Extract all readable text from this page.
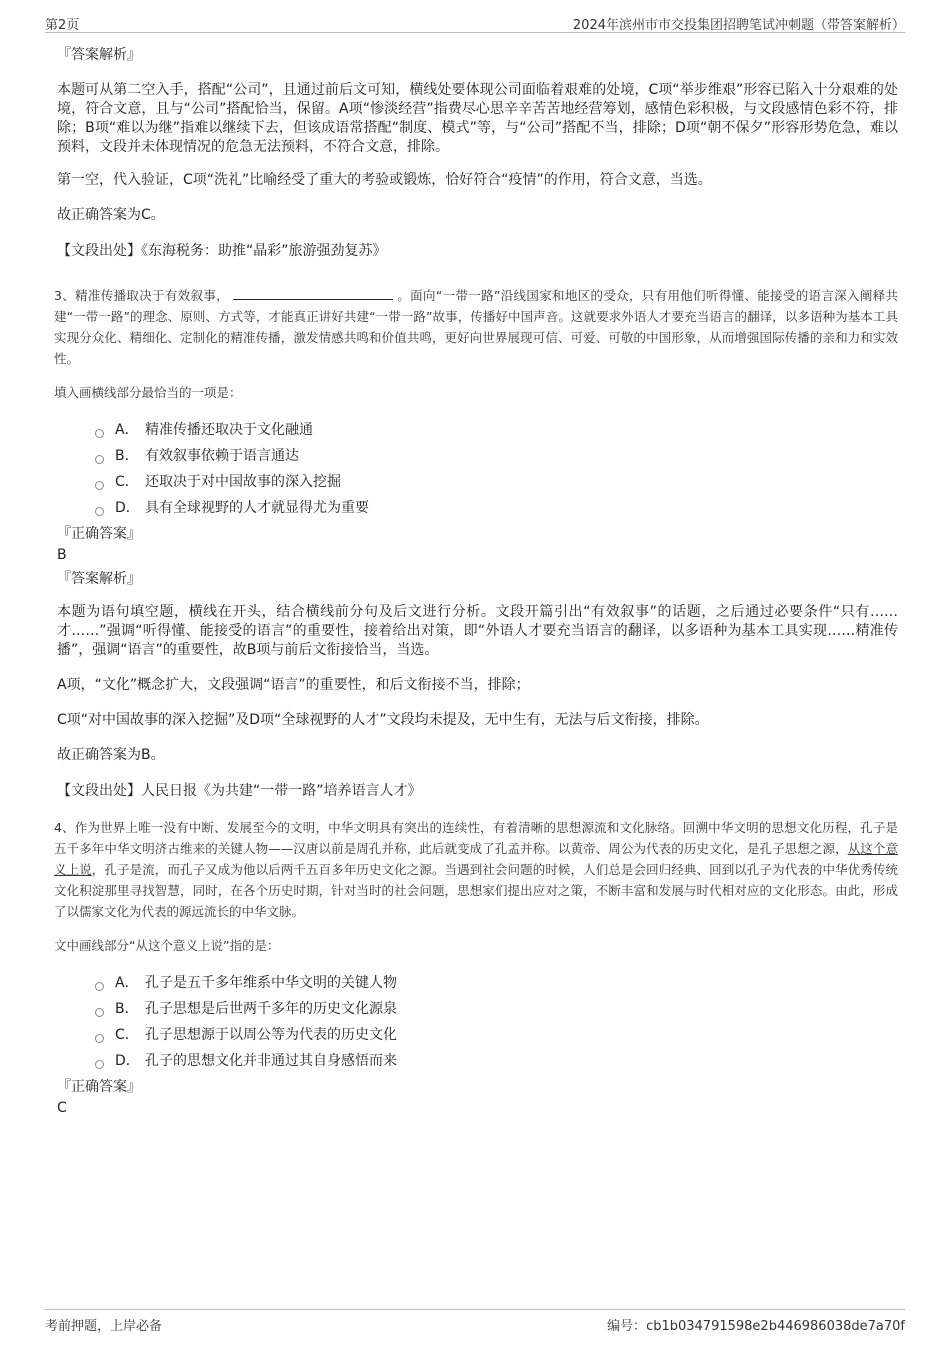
第2页	2024年滨州市市交投集团招聘笔试冲刺题（带答案解析）
『答案解析』
本题可从第二空入手，搭配“公司”，且通过前后文可知，横线处要体现公司面临着艰难的处境，C项“举步维艰”形容已陷入十分艰难的处境，符合文意，且与“公司”搭配恰当，保留。A项“惨淡经营”指费尽心思辛辛苦苦地经营筹划，感情色彩积极，与文段感情色彩不符，排除；B项“难以为继”指难以继续下去，但该成语常搭配“制度、模式”等，与“公司”搭配不当，排除；D项“朝不保夕”形容形势危急，难以预料，文段并未体现情况的危急无法预料，不符合文意，排除。
第一空，代入验证，C项“洗礼”比喻经受了重大的考验或锻炼，恰好符合“疫情”的作用，符合文意，当选。
故正确答案为C。
【文段出处】《东海税务：助推“晶彩”旅游强劲复苏》
3、精准传播取决于有效叙事，	。面向“一带一路”沿线国家和地区的受众，只有用他们听得懂、能接受的语言深入阐释共建“一带一路”的理念、原则、方式等，才能真正讲好共建“一带一路”故事，传播好中国声音。这就要求外语人才要充当语言的翻译，以多语种为基本工具实现分众化、精细化、定制化的精准传播，激发情感共鸣和价值共鸣，更好向世界展现可信、可爱、可敬的中国形象，从而增强国际传播的亲和力和实效性。
填入画横线部分最恰当的一项是：
A． 精准传播还取决于文化融通
B． 有效叙事依赖于语言通达
C． 还取决于对中国故事的深入挖掘
D． 具有全球视野的人才就显得尤为重要
『正确答案』
B
『答案解析』
本题为语句填空题，横线在开头，结合横线前分句及后文进行分析。文段开篇引出“有效叙事”的话题，之后通过必要条件“只有……才……”强调“听得懂、能接受的语言”的重要性，接着给出对策，即“外语人才要充当语言的翻译，以多语种为基本工具实现……精准传播”，强调“语言”的重要性，故B项与前后文衔接恰当，当选。
A项，“文化”概念扩大，文段强调“语言”的重要性，和后文衔接不当，排除；
C项“对中国故事的深入挖掘”及D项“全球视野的人才”文段均未提及，无中生有，无法与后文衔接，排除。
故正确答案为B。
【文段出处】人民日报《为共建“一带一路”培养语言人才》
4、作为世界上唯一没有中断、发展至今的文明，中华文明具有突出的连续性，有着清晰的思想源流和文化脉络。回溯中华文明的思想文化历程，孔子是五千多年中华文明济古维来的关键人物——汉唐以前是周孔并称，此后就变成了孔孟并称。以黄帝、周公为代表的历史文化，是孔子思想之源，从这个意义上说，孔子是流，而孔子又成为他以后两千五百多年历史文化之源。当遇到社会问题的时候，人们总是会回归经典、回到以孔子为代表的中华优秀传统文化积淀那里寻找智慧，同时，在各个历史时期，针对当时的社会问题，思想家们提出应对之策，不断丰富和发展与时代相对应的文化形态。由此，形成了以儒家文化为代表的源远流长的中华文脉。
文中画线部分“从这个意义上说”指的是：
A． 孔子是五千多年维系中华文明的关键人物
B． 孔子思想是后世两千多年的历史文化源泉
C． 孔子思想源于以周公等为代表的历史文化
D． 孔子的思想文化并非通过其自身感悟而来
『正确答案』
C
考前押题，上岸必备	编号：cb1b034791598e2b446986038de7a70f
